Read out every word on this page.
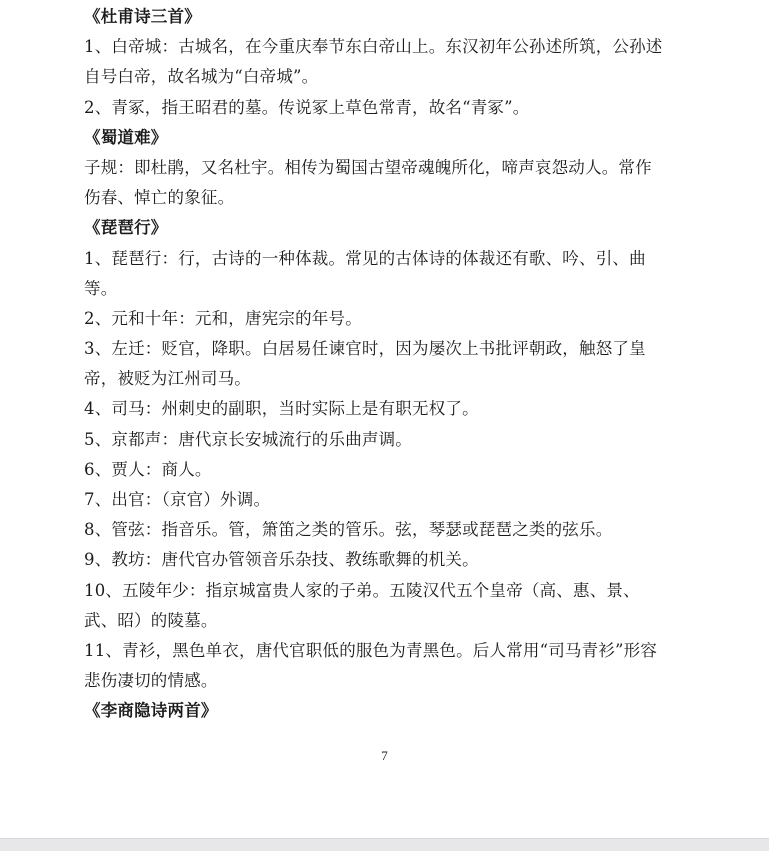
《杜甫诗三首》
1、白帝城：古城名，在今重庆奉节东白帝山上。东汉初年公孙述所筑，公孙述
自号白帝，故名城为“白帝城”。
2、青冢，指王昭君的墓。传说冢上草色常青，故名“青冢”。
《蜀道难》
子规：即杜鹃，又名杜宇。相传为蜀国古望帝魂魄所化，啼声哀怨动人。常作
伤春、悼亡的象征。
《琵琶行》
1、琵琶行：行，古诗的一种体裁。常见的古体诗的体裁还有歌、吟、引、曲
等。
2、元和十年：元和，唐宪宗的年号。
3、左迁：贬官，降职。白居易任谏官时，因为屡次上书批评朝政，触怒了皇
帝，被贬为江州司马。
4、司马：州刺史的副职，当时实际上是有职无权了。
5、京都声：唐代京长安城流行的乐曲声调。
6、贾人：商人。
7、出官：（京官）外调。
8、管弦：指音乐。管，箫笛之类的管乐。弦，琴瑟或琵琶之类的弦乐。
9、教坊：唐代官办管领音乐杂技、教练歌舞的机关。
10、五陵年少：指京城富贵人家的子弟。五陵汉代五个皇帝（高、惠、景、
武、昭）的陵墓。
11、青衫，黑色单衣，唐代官职低的服色为青黑色。后人常用“司马青衫”形容
悲伤凄切的情感。
《李商隐诗两首》
7
